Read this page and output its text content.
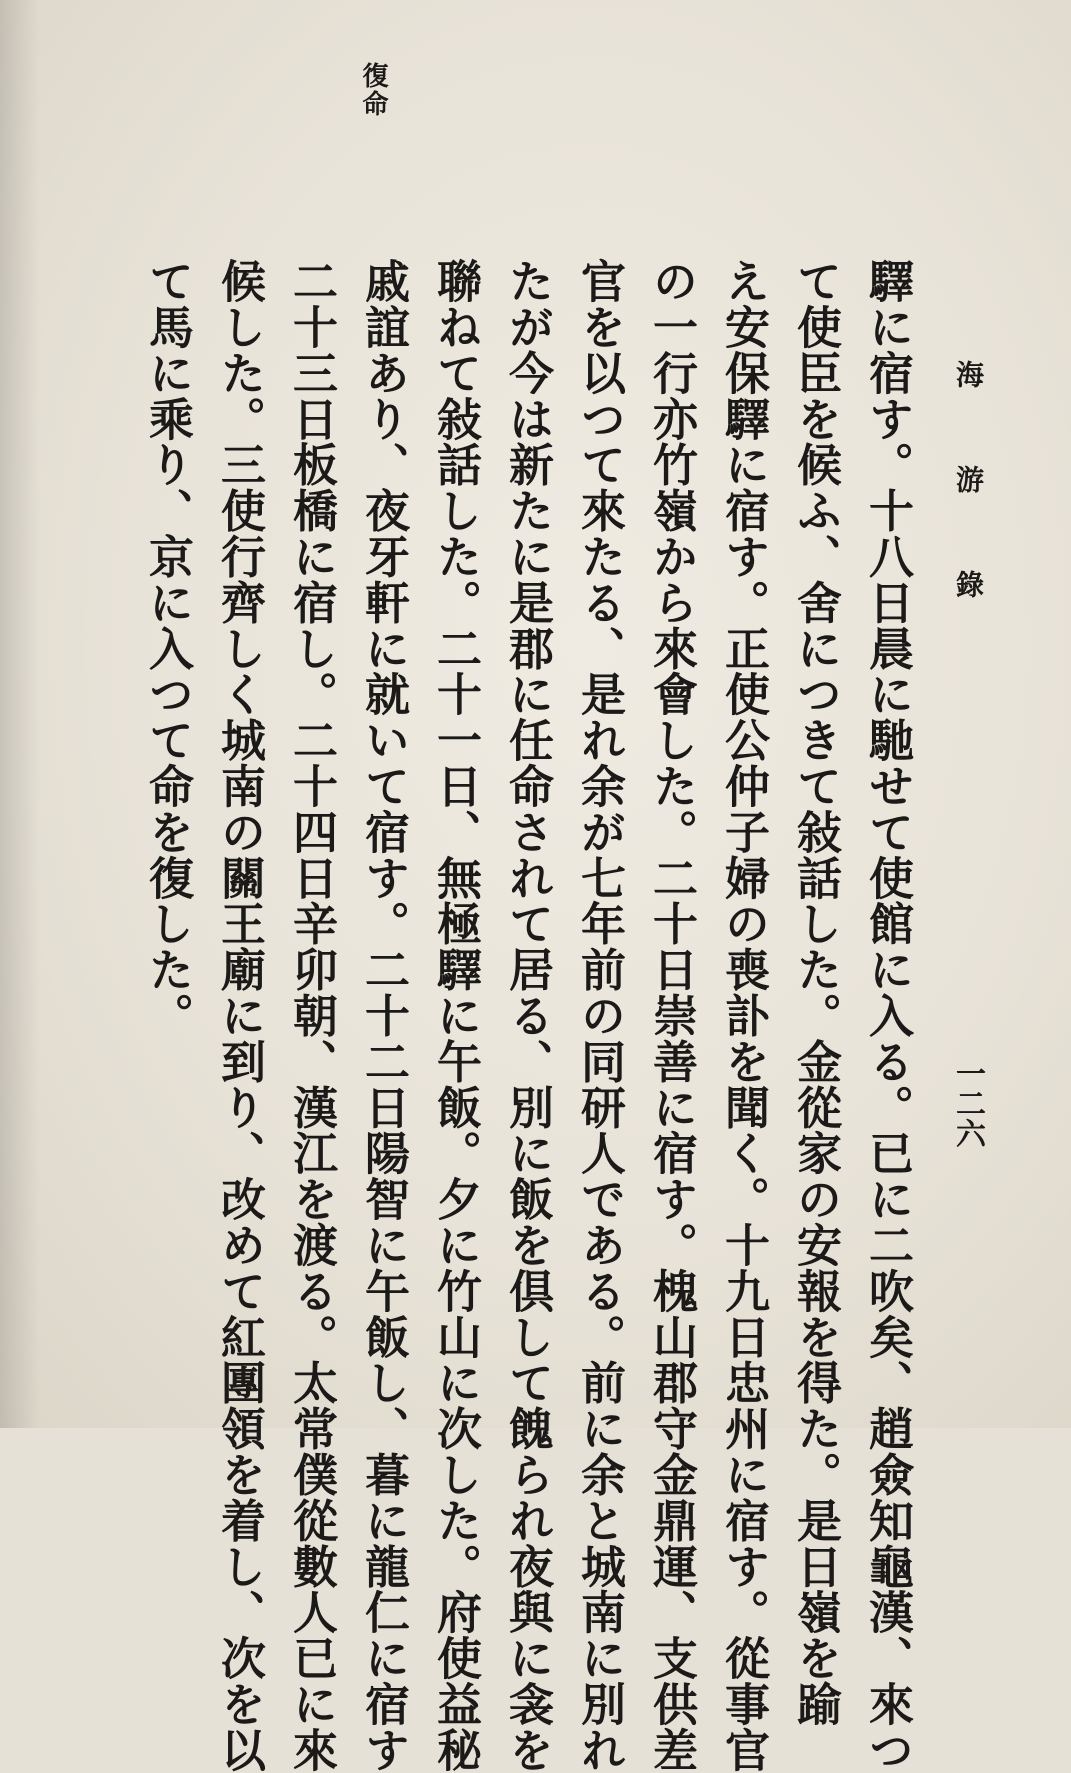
海 游 錄
一二六
復命
驛に宿す。十八日晨に馳せて使館に入る。已に二吹矣、趙僉知龜漢、來つ
て使臣を候ふ、舍につきて敍話した。金從家の安報を得た。是日嶺を踰
え安保驛に宿す。正使公仲子婦の喪訃を聞く。十九日忠州に宿す。從事官
の一行亦竹嶺から來會した。二十日崇善に宿す。槐山郡守金鼎運、支供差
官を以つて來たる、是れ余が七年前の同研人である。前に余と城南に別れ
たが今は新たに是郡に任命されて居る、別に飯を倶して餽られ夜與に衾を
聯ねて敍話した。二十一日、無極驛に午飯。夕に竹山に次した。府使益秘
戚誼あり、夜牙軒に就いて宿す。二十二日陽智に午飯し、暮に龍仁に宿す
二十三日板橋に宿し。二十四日辛卯朝、漢江を渡る。太常僕從數人已に來
候した。三使行齊しく城南の關王廟に到り、改めて紅團領を着し、次を以
て馬に乘り、京に入つて命を復した。
